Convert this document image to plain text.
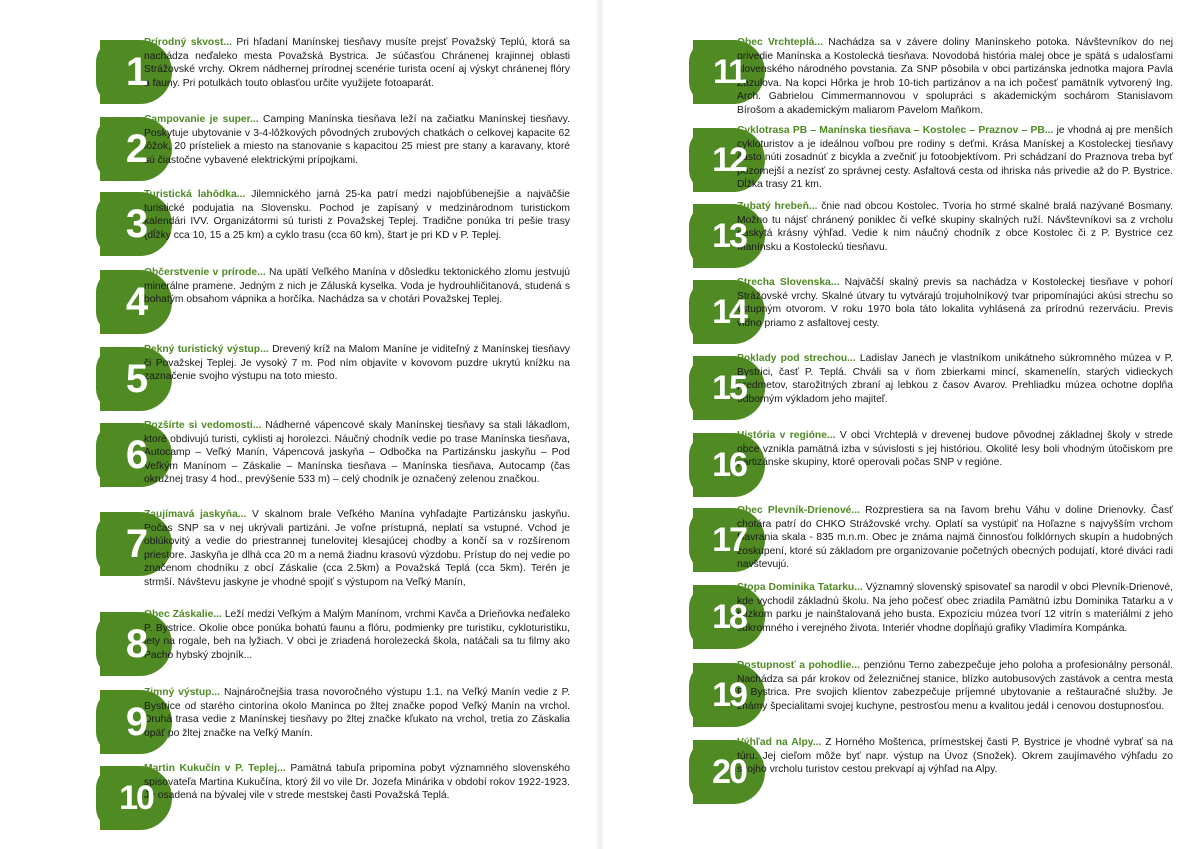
1
Prírodný skvost... Pri hľadaní Manínskej tiesňavy musíte prejsť Považský Teplú, ktorá sa nachádza neďaleko mesta Považská Bystrica. Je súčasťou Chránenej krajinnej oblasti Strážovské vrchy. Okrem nádhernej prírodnej scenérie turista ocení aj výskyt chránenej flóry a fauny. Pri potulkách touto oblasťou určite využijete fotoaparát.
2
Campovanie je super... Camping Manínska tiesňava leží na začiatku Manínskej tiesňavy. Poskytuje ubytovanie v 3-4-lôžkových pôvodných zrubových chatkách o celkovej kapacite 62 lôžok, 20 prísteliek a miesto na stanovanie s kapacitou 25 miest pre stany a karavany, ktoré sú čiastočne vybavené elektrickými prípojkami.
3
Turistická lahôdka... Jilemnického jarná 25-ka patrí medzi najobľúbenejšie a najväčšie turistické podujatia na Slovensku. Pochod je zapísaný v medzinárodnom turistickom kalendári IVV. Organizátormi sú turisti z Považskej Teplej. Tradične ponúka tri pešie trasy (dĺžky cca 10, 15 a 25 km) a cyklo trasu (cca 60 km), štart je pri KD v P. Teplej.
4
Občerstvenie v prírode... Na upätí Veľkého Manína v dôsledku tektonického zlomu jestvujú minerálne pramene. Jedným z nich je Záluská kyselka. Voda je hydrouhličitanová, studená s bohatým obsahom vápnika a horčíka. Nachádza sa v chotári Považskej Teplej.
5
Pekný turistický výstup... Drevený kríž na Malom Maníne je viditeľný z Manínskej tiesňavy či Považskej Teplej. Je vysoký 7 m. Pod ním objavíte v kovovom puzdre ukrytú knížku na zaznačenie svojho výstupu na toto miesto.
6
Rozšírte si vedomosti... Nádherné vápencové skaly Manínskej tiesňavy sa stali lákadlom, ktoré obdivujú turisti, cyklisti aj horolezci. Náučný chodník vedie po trase Manínska tiesňava, Autocamp – Veľký Manín, Vápencová jaskyňa – Odbočka na Partizánsku jaskyňu – Pod Veľkým Manínom – Záskalie – Manínska tiesňava – Manínska tiesňava, Autocamp (čas okružnej trasy 4 hod., prevýšenie 533 m) – celý chodník je označený zelenou značkou.
7
Zaujímavá jaskyňa... V skalnom brale Veľkého Manína vyhľadajte Partizánsku jaskyňu. Počas SNP sa v nej ukrývali partizáni. Je voľne prístupná, neplatí sa vstupné. Vchod je oblúkovitý a vedie do priestrannej tunelovitej klesajúcej chodby a končí sa v rozšírenom priestore. Jaskyňa je dlhá cca 20 m a nemá žiadnu krasovú výzdobu. Prístup do nej vedie po značenom chodníku z obcí Záskalie (cca 2.5km) a Považská Teplá (cca 5km). Terén je strmší. Návštevu jaskyne je vhodné spojiť s výstupom na Veľký Manín,
8
Obec Záskalie... Leží medzi Veľkým a Malým Manínom, vrchmi Kavča a Drieňovka neďaleko P. Bystrice. Okolie obce ponúka bohatú faunu a flóru, podmienky pre turistiku, cykloturistiku, lety na rogale, beh na lyžiach. V obci je zriadená horolezecká škola, natáčali sa tu filmy ako Pacho hybský zbojník...
9
Zimný výstup... Najnáročnejšia trasa novoročného výstupu 1.1. na Veľký Manín vedie z P. Bystrice od starého cintorína okolo Manínca po žltej značke popod Veľký Manín na vrchol. Druhá trasa vedie z Manínskej tiesňavy po žltej značke kľukato na vrchol, tretia zo Záskalia opäť po žltej značke na Veľký Manín.
10
Martin Kukučín v P. Teplej... Pamätná tabuľa pripomína pobyt významného slovenského spisovateľa Martina Kukučína, ktorý žil vo vile Dr. Jozefa Minárika v období rokov 1922-1923. Je osadená na bývalej vile v strede mestskej časti Považská Teplá.
11
Obec Vrchteplá... Nachádza sa v závere doliny Manínskeho potoka. Návštevníkov do nej privedie Manínska a Kostolecká tiesňava. Novodobá história malej obce je spätá s udalosťami slovenského národného povstania. Za SNP pôsobila v obci partizánska jednotka majora Pavla Zazulova. Na kopci Hôrka je hrob 10-tich partizánov a na ich počesť pamätník vytvorený Ing. Arch. Gabrielou Cimmermannovou v spolupráci s akademickým sochárom Stanislavom Bírošom a akademickým maliarom Pavelom Maňkom.
12
Cyklotrasa PB – Manínska tiesňava – Kostolec – Praznov – PB... je vhodná aj pre menších cykloturistov a je ideálnou voľbou pre rodiny s deťmi. Krása Manískej a Kostoleckej tiesňavy často núti zosadnúť z bicykla a zvečniť ju fotoobjektívom. Pri schádzaní do Praznova treba byť pozornejší a nezísť zo správnej cesty. Asfaltová cesta od ihriska nás privedie až do P. Bystrice. Dĺžka trasy 21 km.
13
Zubatý hrebeň... čnie nad obcou Kostolec. Tvoria ho strmé skalné bralá nazývané Bosmany. Možno tu nájsť chránený poniklec či veľké skupiny skalných ruží. Návštevníkovi sa z vrcholu naskytá krásny výhľad. Vedie k nim náučný chodník z obce Kostolec či z P. Bystrice cez Manínsku a Kostoleckú tiesňavu.
14
Strecha Slovenska... Najväčší skalný previs sa nachádza v Kostoleckej tiesňave v pohorí Strážovské vrchy. Skalné útvary tu vytvárajú trojuholníkový tvar pripomínajúci akúsi strechu so vstupným otvorom. V roku 1970 bola táto lokalita vyhlásená za prírodnú rezerváciu. Previs vidno priamo z asfaltovej cesty.
15
Poklady pod strechou... Ladislav Janech je vlastníkom unikátneho súkromného múzea v P. Bystrici, časť P. Teplá. Chváli sa v ňom zbierkami mincí, skamenelín, starých vidieckych predmetov, starožitných zbraní aj lebkou z časov Avarov. Prehliadku múzea ochotne doplňa odborným výkladom jeho majiteľ.
16
História v regióne... V obci Vrchteplá v drevenej budove pôvodnej základnej školy v strede obce vznikla pamätná izba v súvislosti s jej históriou. Okolité lesy boli vhodným útočiskom pre partizánske skupiny, ktoré operovali počas SNP v regióne.
17
Obec Plevník-Drienové... Rozprestiera sa na ľavom brehu Váhu v doline Drienovky. Časť chotára patrí do CHKO Strážovské vrchy. Oplatí sa vystúpiť na Hoľazne s najvyšším vrchom Havrania skala - 835 m.n.m. Obec je známa najmä činnosťou folklórnych skupín a hudobných zoskupení, ktoré sú základom pre organizovanie početných obecných podujatí, ktoré diváci radi navštevujú.
18
Stopa Dominika Tatarku... Významný slovenský spisovateľ sa narodil v obci Plevník-Drienové, kde vychodil základnú školu. Na jeho počesť obec zriadila Pamätnú izbu Dominika Tatarku a v blízkom parku je nainštalovaná jeho busta. Expozíciu múzea tvorí 12 vitrín s materiálmi z jeho súkromného i verejného života. Interiér vhodne dopĺňajú grafiky Vladimíra Kompánka.
19
Dostupnosť a pohodlie... penziónu Terno zabezpečuje jeho poloha a profesionálny personál. Nachádza sa pár krokov od železničnej stanice, blízko autobusových zastávok a centra mesta P. Bystrica. Pre svojich klientov zabezpečuje príjemné ubytovanie a reštauračné služby. Je známy špecialitami svojej kuchyne, pestrosťou menu a kvalitou jedál i cenovou dostupnosťou.
20
Výhľad na Alpy... Z Horného Moštenca, prímestskej časti P. Bystrice je vhodné vybrať sa na túru. Jej cieľom môže byť napr. výstup na Úvoz (Snožek). Okrem zaujímavého výhľadu zo svojho vrcholu turistov cestou prekvapí aj výhľad na Alpy.
